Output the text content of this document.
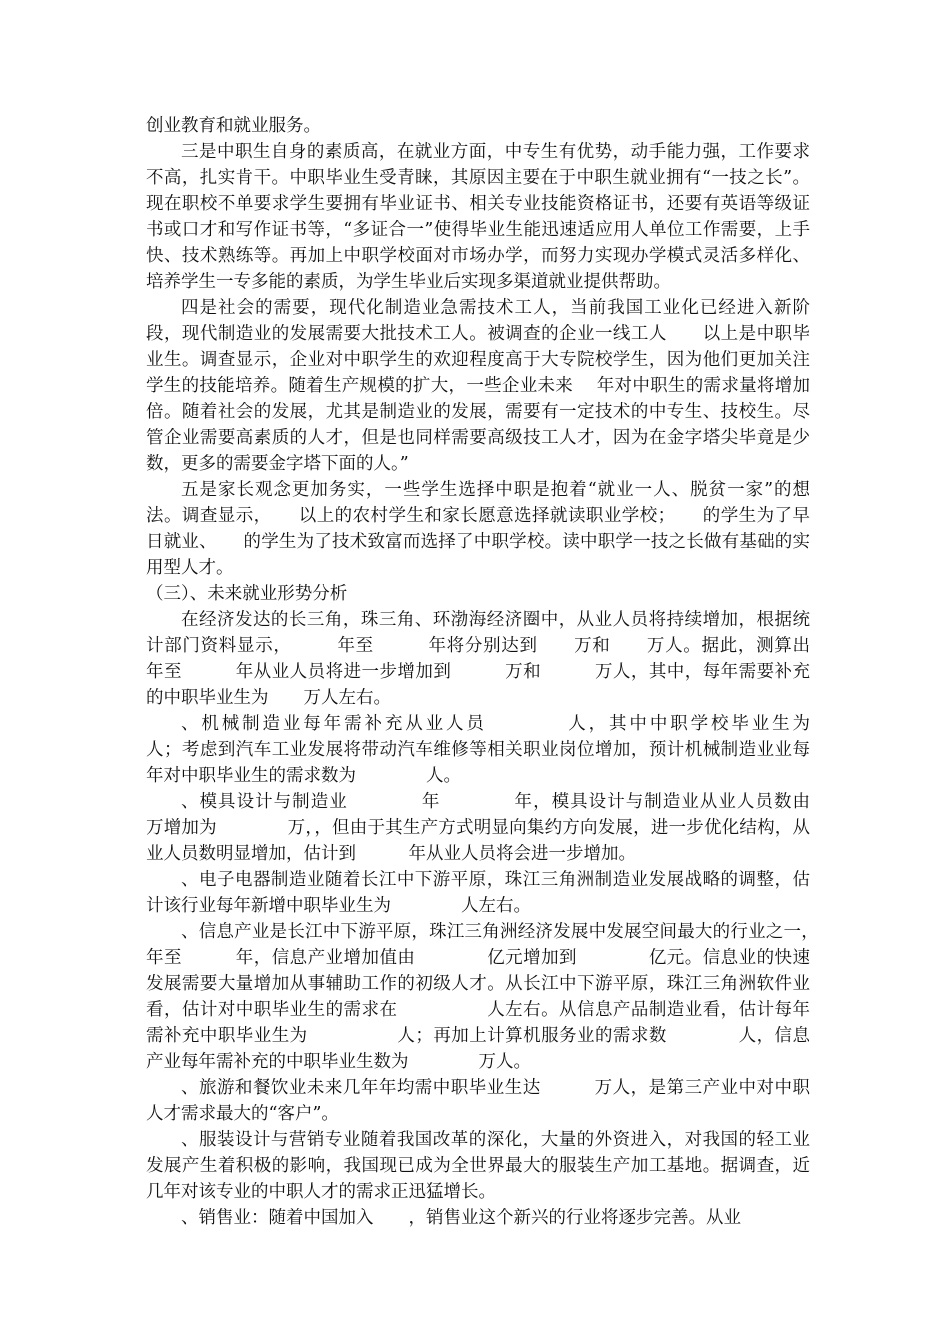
创业教育和就业服务。

三是中职生自身的素质高，在就业方面，中专生有优势，动手能力强，工作要求不高，扎实肯干。中职毕业生受青睐，其原因主要在于中职生就业拥有“一技之长”。现在职校不单要求学生要拥有毕业证书、相关专业技能资格证书，还要有英语等级证书或口才和写作证书等，“多证合一”使得毕业生能迅速适应用人单位工作需要，上手快、技术熟练等。再加上中职学校面对市场办学，而努力实现办学模式灵活多样化、培养学生一专多能的素质，为学生毕业后实现多渠道就业提供帮助。

四是社会的需要，现代化制造业急需技术工人，当前我国工业化已经进入新阶段，现代制造业的发展需要大批技术工人。被调查的企业一线工人　　以上是中职毕业生。调查显示，企业对中职学生的欢迎程度高于大专院校学生，因为他们更加关注学生的技能培养。随着生产规模的扩大，一些企业未来　 年对中职生的需求量将增加　倍。随着社会的发展，尤其是制造业的发展，需要有一定技术的中专生、技校生。尽管企业需要高素质的人才，但是也同样需要高级技工人才，因为在金字塔尖毕竟是少数，更多的需要金字塔下面的人。”

五是家长观念更加务实，一些学生选择中职是抱着“就业一人、脱贫一家”的想法。调查显示，　　以上的农村学生和家长愿意选择就读职业学校；　　的学生为了早日就业、　　的学生为了技术致富而选择了中职学校。读中职学一技之长做有基础的实用型人才。

（三）、未来就业形势分析

在经济发达的长三角，珠三角、环渤海经济圈中，从业人员将持续增加，根据统计部门资料显示，　　　年至　　　年将分别达到　　万和　　万人。据此，测算出　　　年至　　　年从业人员将进一步增加到　　　万和　　　万人，其中，每年需要补充的中职毕业生为　　万人左右。

、机械制造业每年需补充从业人员　　　　人，其中中职学校毕业生为　　　　人；考虑到汽车工业发展将带动汽车维修等相关职业岗位增加，预计机械制造业业每年对中职毕业生的需求数为　　　　人。

、模具设计与制造业　　　　年　　　　年，模具设计与制造业从业人员数由　　万增加为　　　　万，，但由于其生产方式明显向集约方向发展，进一步优化结构，从业人员数明显增加，估计到　　　年从业人员将会进一步增加。

、电子电器制造业随着长江中下游平原，珠江三角洲制造业发展战略的调整，估计该行业每年新增中职毕业生为　　　　人左右。

、信息产业是长江中下游平原，珠江三角洲经济发展中发展空间最大的行业之一，　　　年至　　　年，信息产业增加值由　　　　亿元增加到　　　　亿元。信息业的快速发展需要大量增加从事辅助工作的初级人才。从长江中下游平原，珠江三角洲软件业看，估计对中职毕业生的需求在　　　　　人左右。从信息产品制造业看，估计每年需补充中职毕业生为　　　　　人；再加上计算机服务业的需求数　　　　人，信息产业每年需补充的中职毕业生数为　　　　万人。

、旅游和餐饮业未来几年年均需中职毕业生达　　　万人，是第三产业中对中职人才需求最大的“客户”。

、服装设计与营销专业随着我国改革的深化，大量的外资进入，对我国的轻工业发展产生着积极的影响，我国现已成为全世界最大的服装生产加工基地。据调查，近几年对该专业的中职人才的需求正迅猛增长。

、销售业：随着中国加入　　，销售业这个新兴的行业将逐步完善。从业
